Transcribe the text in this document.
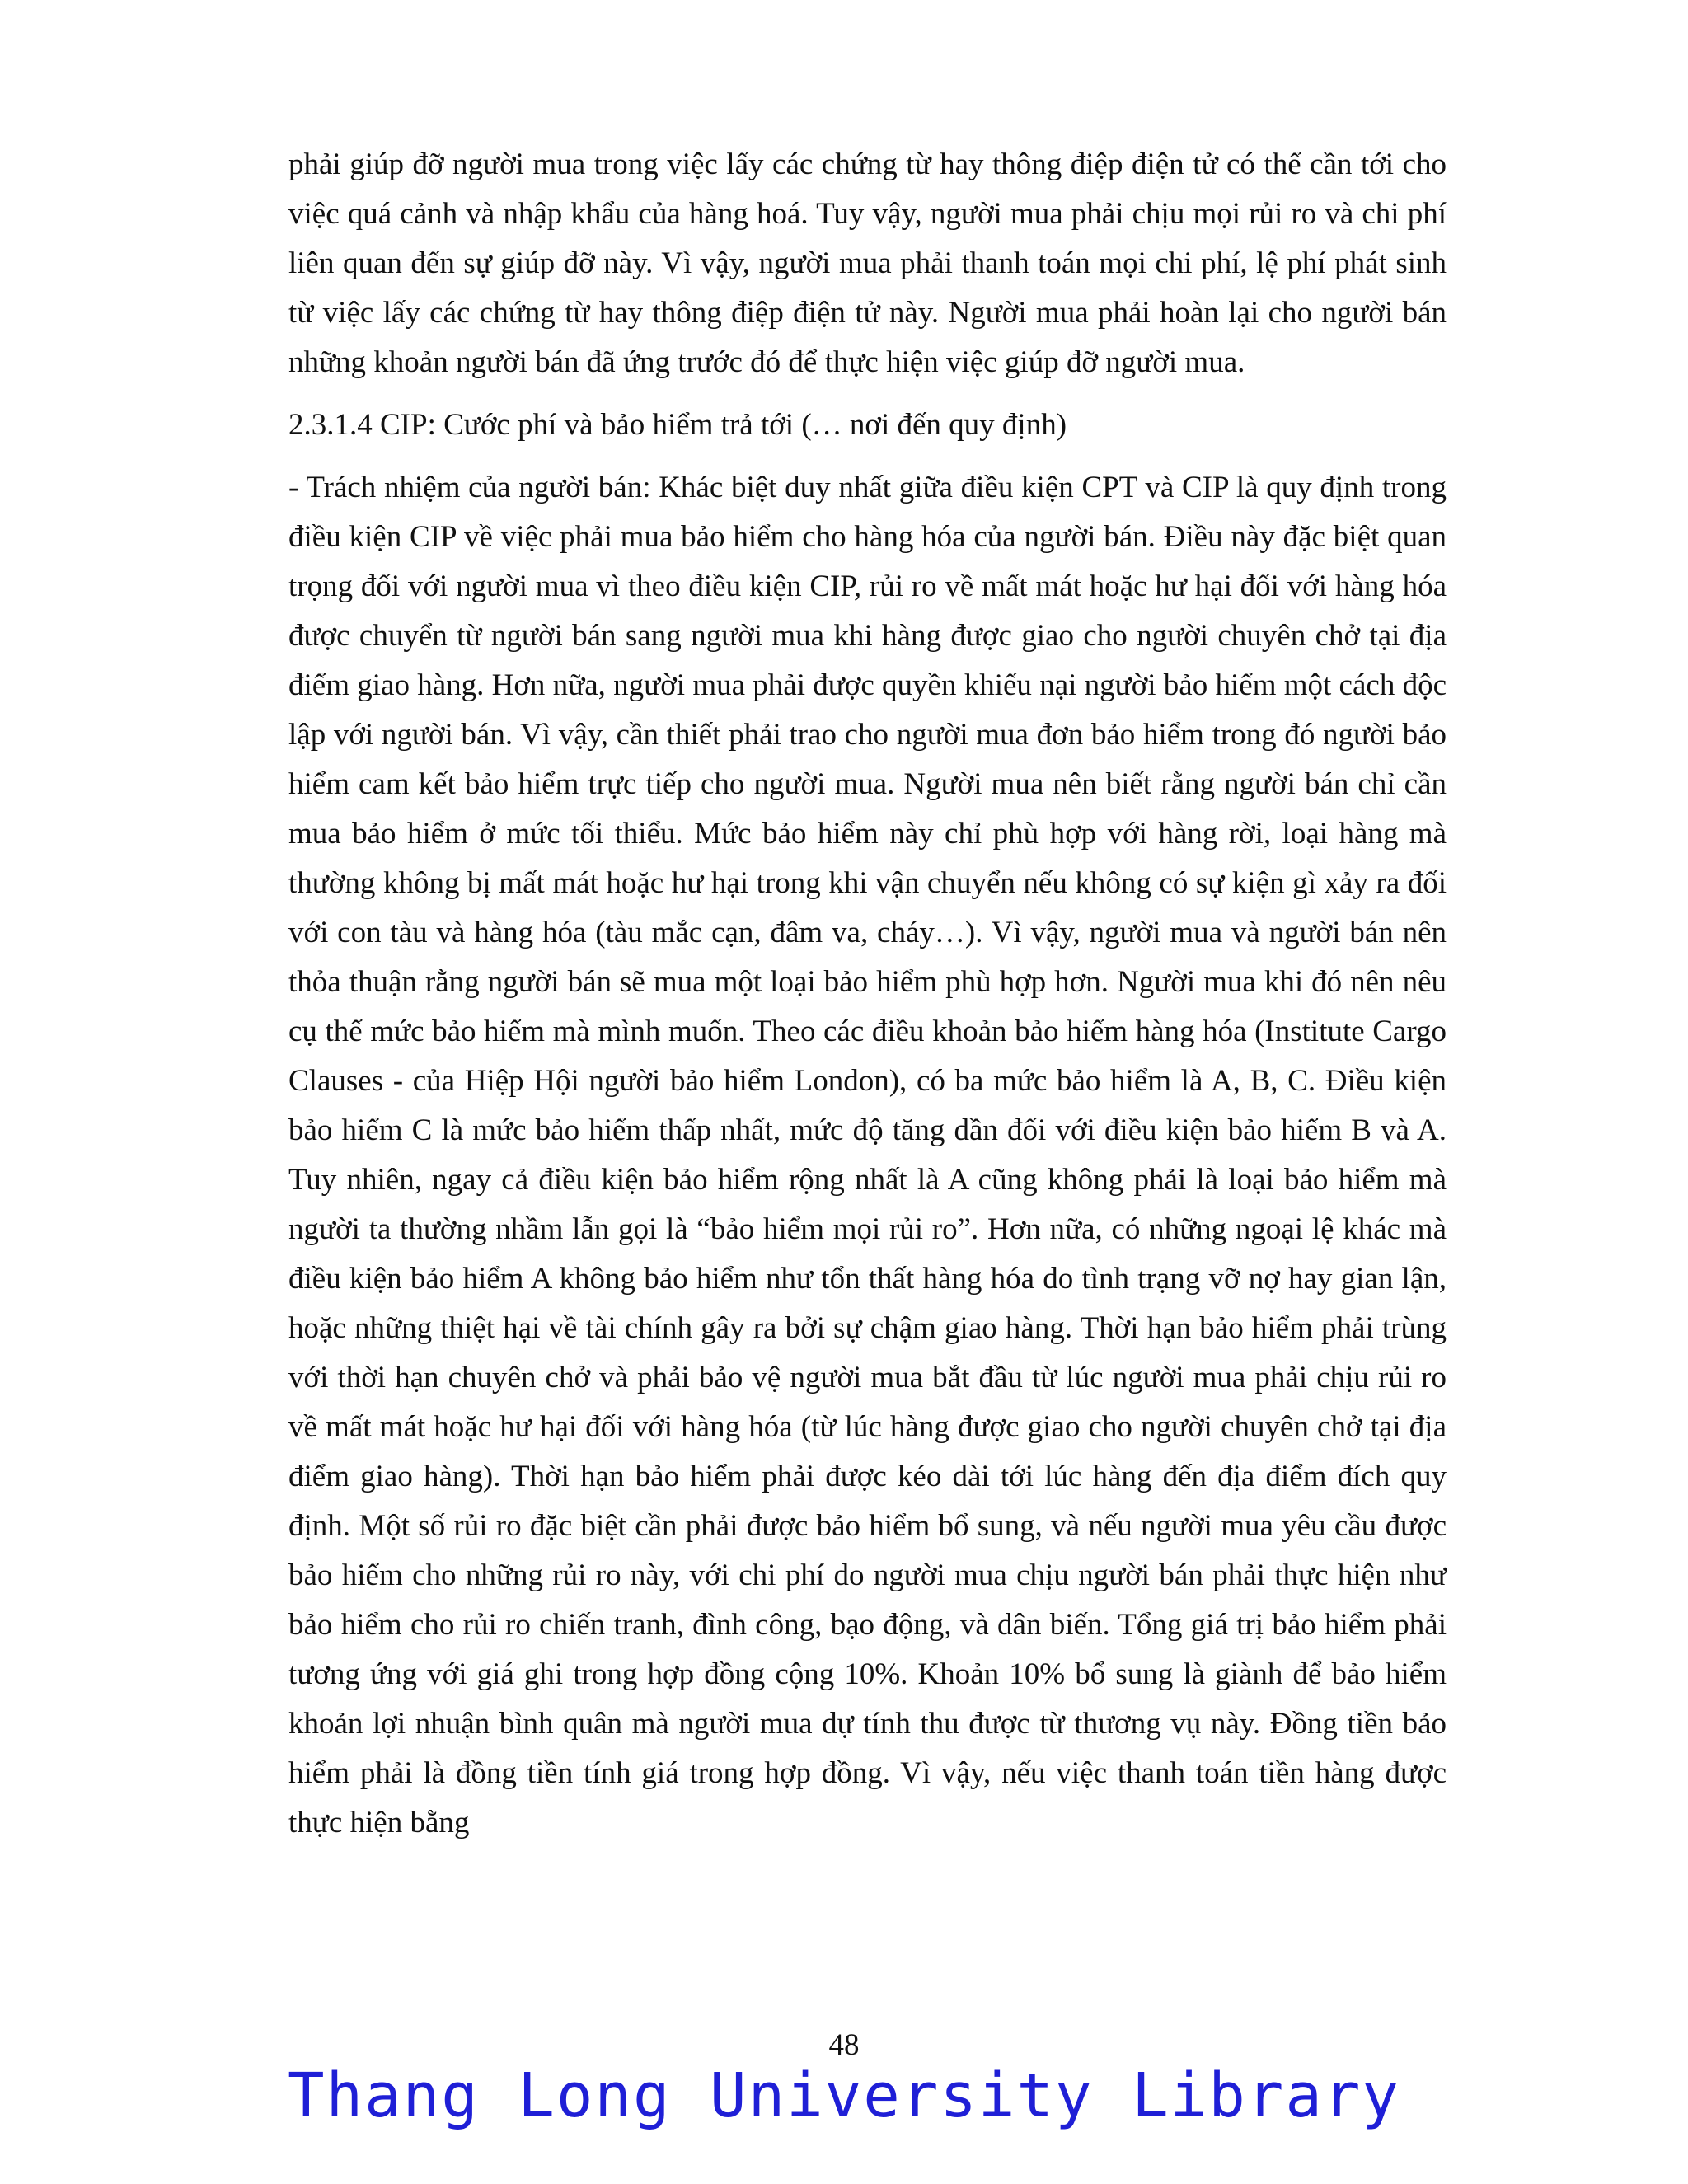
phải giúp đỡ người mua trong việc lấy các chứng từ hay thông điệp điện tử có thể cần tới cho việc quá cảnh và nhập khẩu của hàng hoá. Tuy vậy, người mua phải chịu mọi rủi ro và chi phí liên quan đến sự giúp đỡ này. Vì vậy, người mua phải thanh toán mọi chi phí, lệ phí phát sinh từ việc lấy các chứng từ hay thông điệp điện tử này. Người mua phải hoàn lại cho người bán những khoản người bán đã ứng trước đó để thực hiện việc giúp đỡ người mua.

2.3.1.4 CIP: Cước phí và bảo hiểm trả tới (… nơi đến quy định)

- Trách nhiệm của người bán: Khác biệt duy nhất giữa điều kiện CPT và CIP là quy định trong điều kiện CIP về việc phải mua bảo hiểm cho hàng hóa của người bán. Điều này đặc biệt quan trọng đối với người mua vì theo điều kiện CIP, rủi ro về mất mát hoặc hư hại đối với hàng hóa được chuyển từ người bán sang người mua khi hàng được giao cho người chuyên chở tại địa điểm giao hàng. Hơn nữa, người mua phải được quyền khiếu nại người bảo hiểm một cách độc lập với người bán. Vì vậy, cần thiết phải trao cho người mua đơn bảo hiểm trong đó người bảo hiểm cam kết bảo hiểm trực tiếp cho người mua. Người mua nên biết rằng người bán chỉ cần mua bảo hiểm ở mức tối thiểu. Mức bảo hiểm này chỉ phù hợp với hàng rời, loại hàng mà thường không bị mất mát hoặc hư hại trong khi vận chuyển nếu không có sự kiện gì xảy ra đối với con tàu và hàng hóa (tàu mắc cạn, đâm va, cháy…). Vì vậy, người mua và người bán nên thỏa thuận rằng người bán sẽ mua một loại bảo hiểm phù hợp hơn. Người mua khi đó nên nêu cụ thể mức bảo hiểm mà mình muốn. Theo các điều khoản bảo hiểm hàng hóa (Institute Cargo Clauses - của Hiệp Hội người bảo hiểm London), có ba mức bảo hiểm là A, B, C. Điều kiện bảo hiểm C là mức bảo hiểm thấp nhất, mức độ tăng dần đối với điều kiện bảo hiểm B và A. Tuy nhiên, ngay cả điều kiện bảo hiểm rộng nhất là A cũng không phải là loại bảo hiểm mà người ta thường nhầm lẫn gọi là “bảo hiểm mọi rủi ro”. Hơn nữa, có những ngoại lệ khác mà điều kiện bảo hiểm A không bảo hiểm như tổn thất hàng hóa do tình trạng vỡ nợ hay gian lận, hoặc những thiệt hại về tài chính gây ra bởi sự chậm giao hàng. Thời hạn bảo hiểm phải trùng với thời hạn chuyên chở và phải bảo vệ người mua bắt đầu từ lúc người mua phải chịu rủi ro về mất mát hoặc hư hại đối với hàng hóa (từ lúc hàng được giao cho người chuyên chở tại địa điểm giao hàng). Thời hạn bảo hiểm phải được kéo dài tới lúc hàng đến địa điểm đích quy định. Một số rủi ro đặc biệt cần phải được bảo hiểm bổ sung, và nếu người mua yêu cầu được bảo hiểm cho những rủi ro này, với chi phí do người mua chịu người bán phải thực hiện như bảo hiểm cho rủi ro chiến tranh, đình công, bạo động, và dân biến. Tổng giá trị bảo hiểm phải tương ứng với giá ghi trong hợp đồng cộng 10%. Khoản 10% bổ sung là giành để bảo hiểm khoản lợi nhuận bình quân mà người mua dự tính thu được từ thương vụ này. Đồng tiền bảo hiểm phải là đồng tiền tính giá trong hợp đồng. Vì vậy, nếu việc thanh toán tiền hàng được thực hiện bằng

48
Thang Long University Library
